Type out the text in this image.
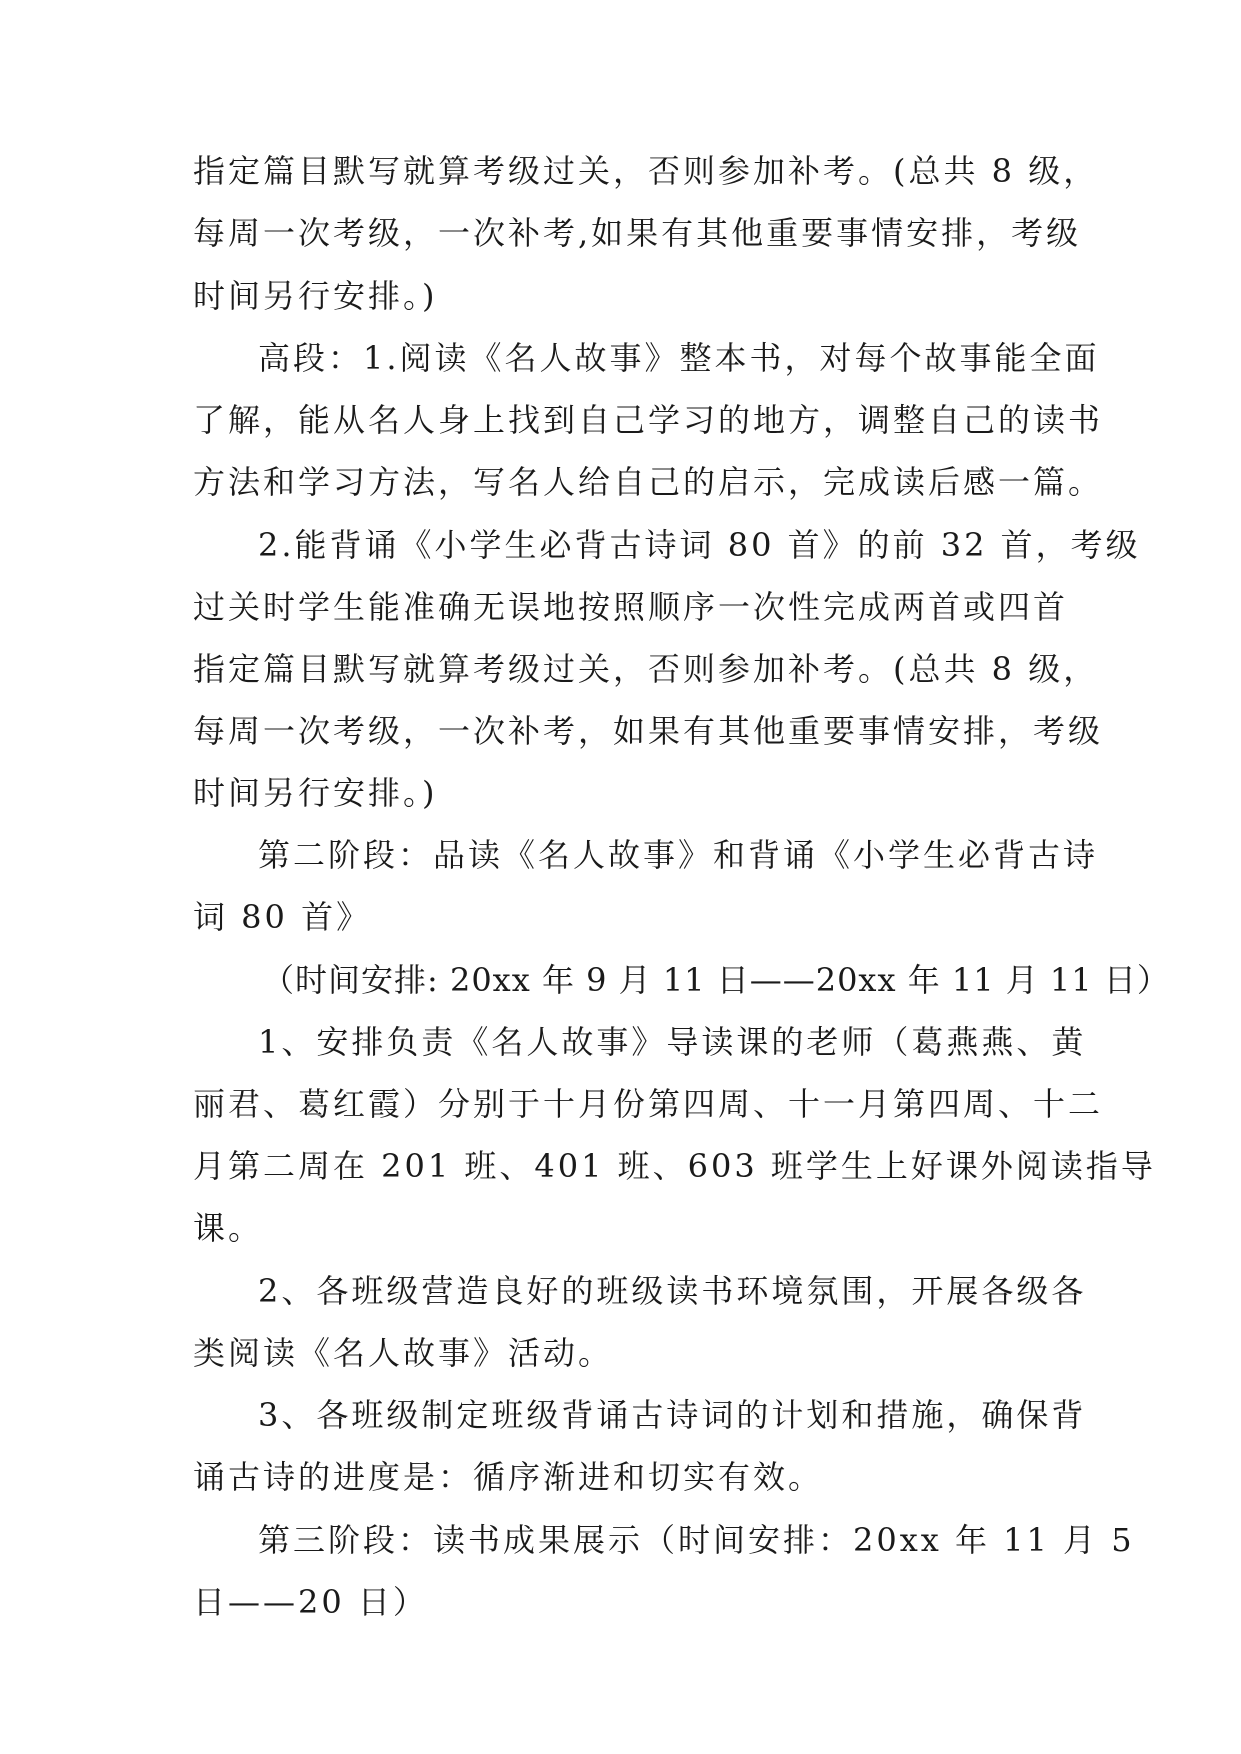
指定篇目默写就算考级过关，否则参加补考。(总共 8 级，
每周一次考级，一次补考,如果有其他重要事情安排，考级
时间另行安排。)
高段：1.阅读《名人故事》整本书，对每个故事能全面
了解，能从名人身上找到自己学习的地方，调整自己的读书
方法和学习方法，写名人给自己的启示，完成读后感一篇。
2.能背诵《小学生必背古诗词 80 首》的前 32 首，考级
过关时学生能准确无误地按照顺序一次性完成两首或四首
指定篇目默写就算考级过关，否则参加补考。(总共 8 级，
每周一次考级，一次补考，如果有其他重要事情安排，考级
时间另行安排。)
第二阶段：品读《名人故事》和背诵《小学生必背古诗
词 80 首》
（时间安排: 20xx 年 9 月 11 日——20xx 年 11 月 11 日）
1、安排负责《名人故事》导读课的老师（葛燕燕、黄
丽君、葛红霞）分别于十月份第四周、十一月第四周、十二
月第二周在 201 班、401 班、603 班学生上好课外阅读指导
课。
2、各班级营造良好的班级读书环境氛围，开展各级各
类阅读《名人故事》活动。
3、各班级制定班级背诵古诗词的计划和措施，确保背
诵古诗的进度是：循序渐进和切实有效。
第三阶段：读书成果展示（时间安排：20xx 年 11 月 5
日——20 日）
